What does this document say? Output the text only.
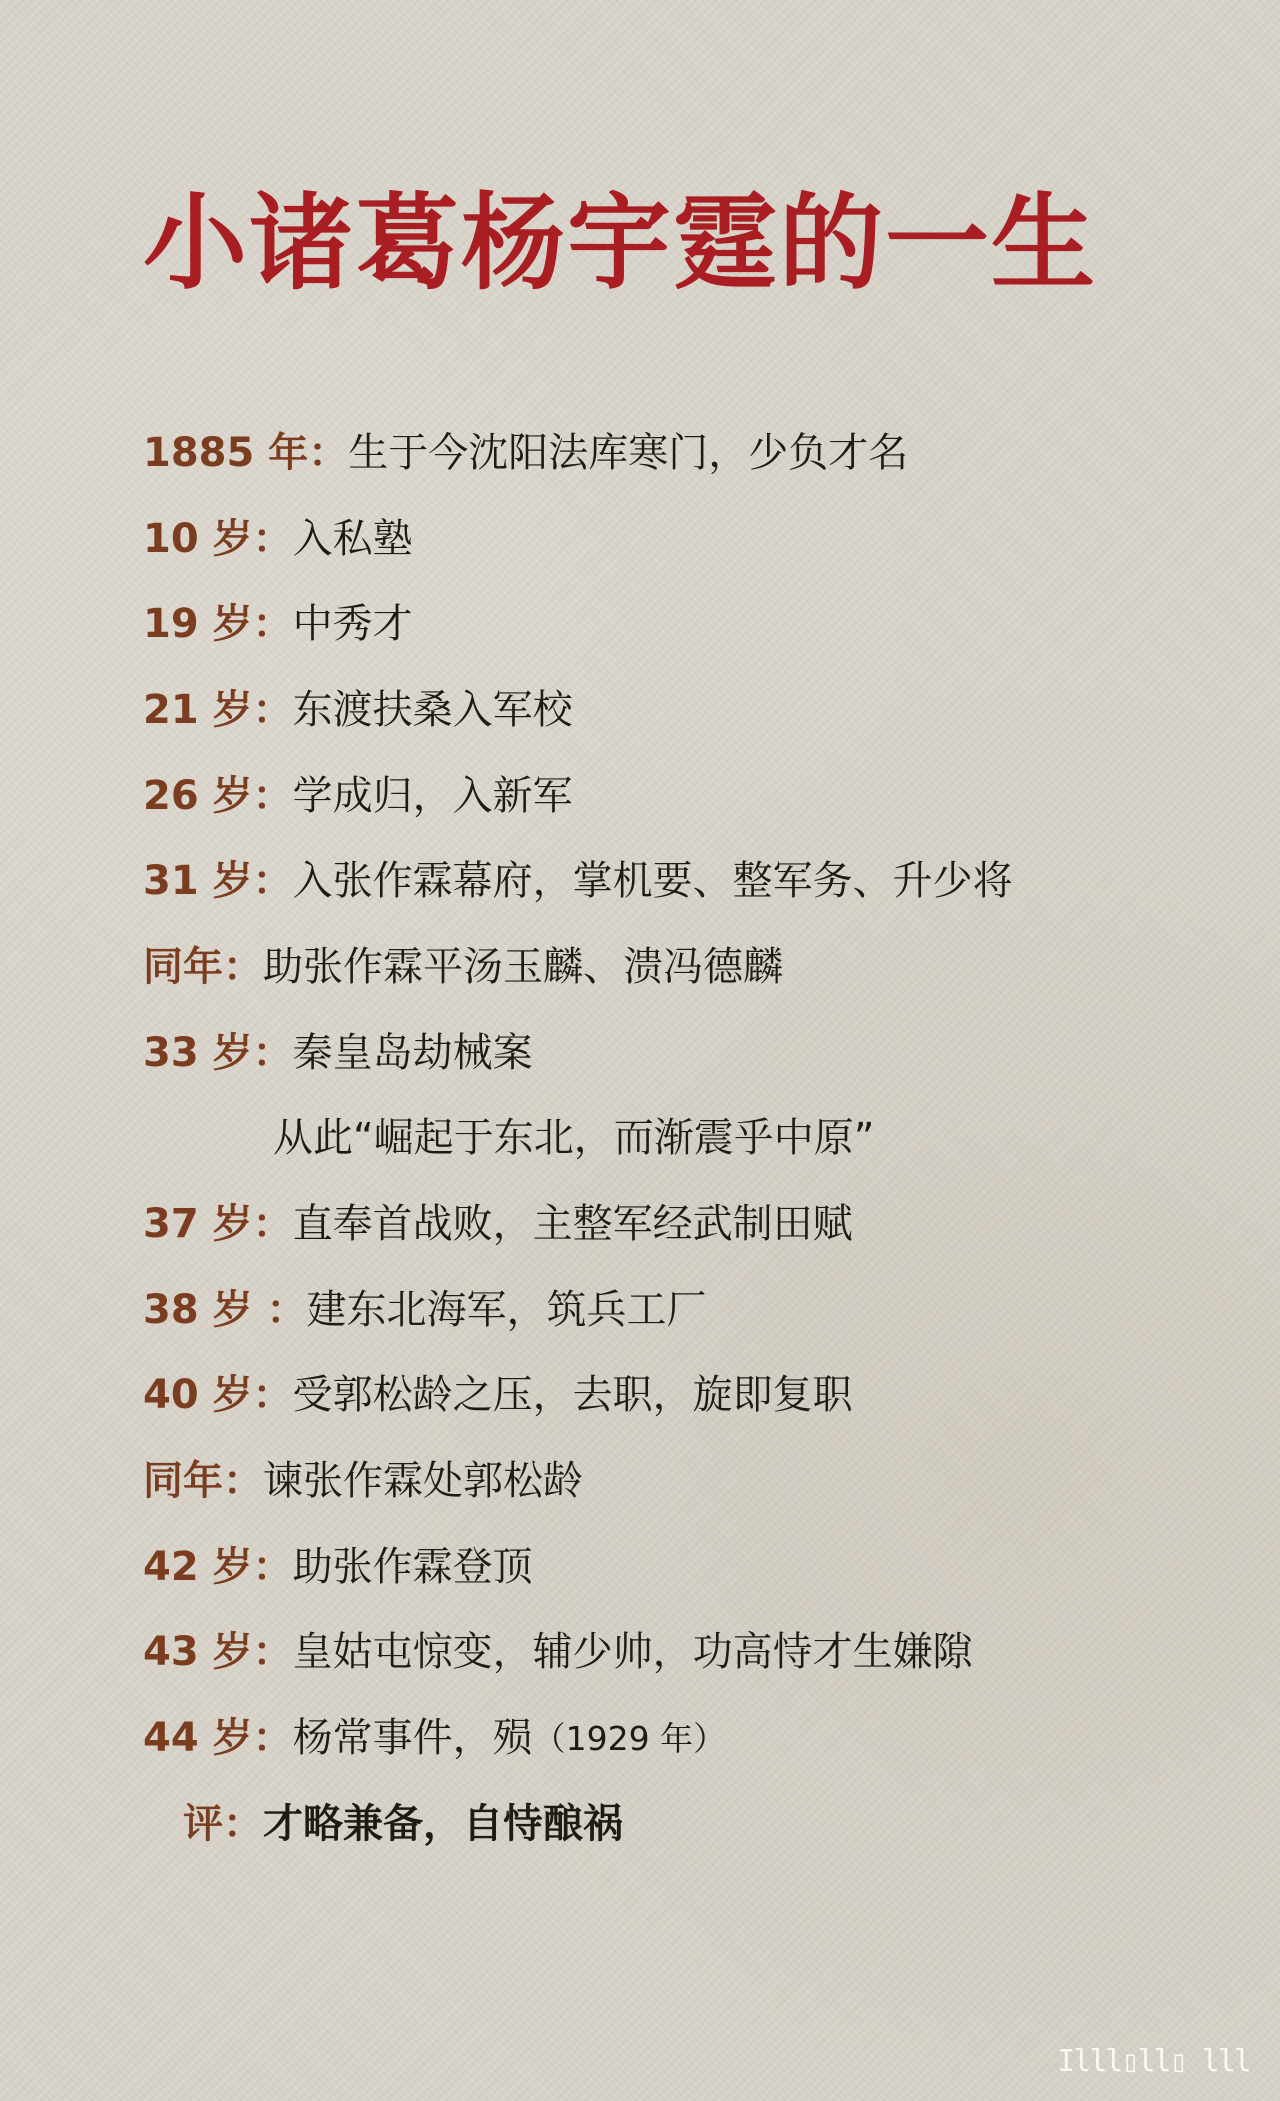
小诸葛杨宇霆的一生
1885 年： 生于今沈阳法库寒门，少负才名
10 岁： 入私塾
19 岁： 中秀才
21 岁： 东渡扶桑入军校
26 岁： 学成归，入新军
31 岁： 入张作霖幕府，掌机要、整军务、升少将
同年： 助张作霖平汤玉麟、溃冯德麟
33 岁： 秦皇岛劫械案
从此“崛起于东北，而渐震乎中原”
37 岁： 直奉首战败，主整军经武制田赋
38 岁 ： 建东北海军，筑兵工厂
40 岁： 受郭松龄之压，去职，旋即复职
同年： 谏张作霖处郭松龄
42 岁： 助张作霖登顶
43 岁： 皇姑屯惊变，辅少帅，功高恃才生嫌隙
44 岁： 杨常事件，殒 （1929 年）
评： 才略兼备，自恃酿祸
Illl▯ll▯ lll
